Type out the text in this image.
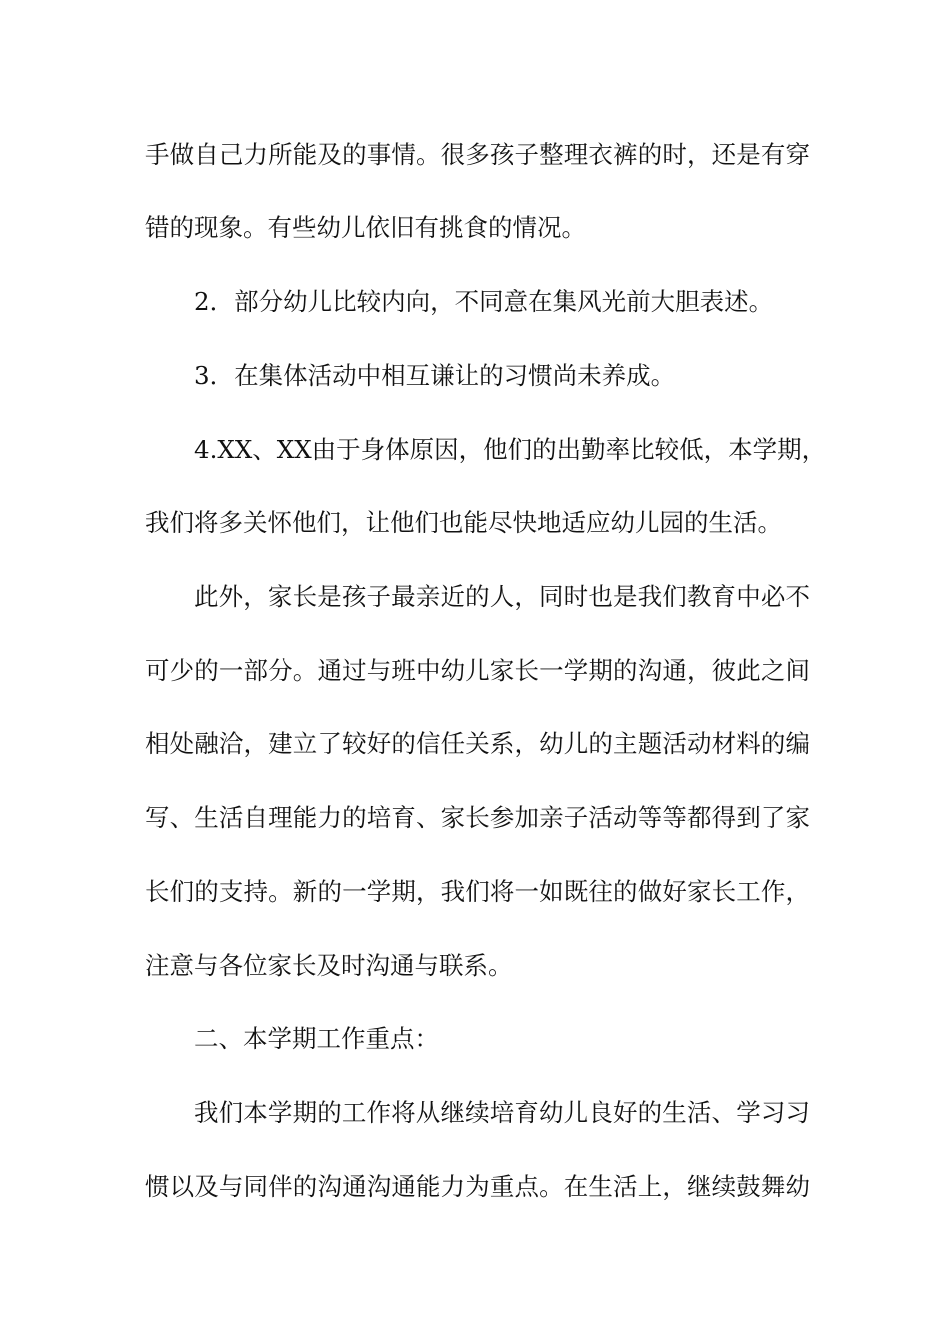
手做自己力所能及的事情。很多孩子整理衣裤的时，还是有穿

错的现象。有些幼儿依旧有挑食的情况。

2．部分幼儿比较内向，不同意在集风光前大胆表述。

3．在集体活动中相互谦让的习惯尚未养成。

4.XX、XX由于身体原因，他们的出勤率比较低，本学期，

我们将多关怀他们，让他们也能尽快地适应幼儿园的生活。

此外，家长是孩子最亲近的人，同时也是我们教育中必不

可少的一部分。通过与班中幼儿家长一学期的沟通，彼此之间

相处融洽，建立了较好的信任关系，幼儿的主题活动材料的编

写、生活自理能力的培育、家长参加亲子活动等等都得到了家

长们的支持。新的一学期，我们将一如既往的做好家长工作，

注意与各位家长及时沟通与联系。

二、本学期工作重点：

我们本学期的工作将从继续培育幼儿良好的生活、学习习

惯以及与同伴的沟通沟通能力为重点。在生活上，继续鼓舞幼
